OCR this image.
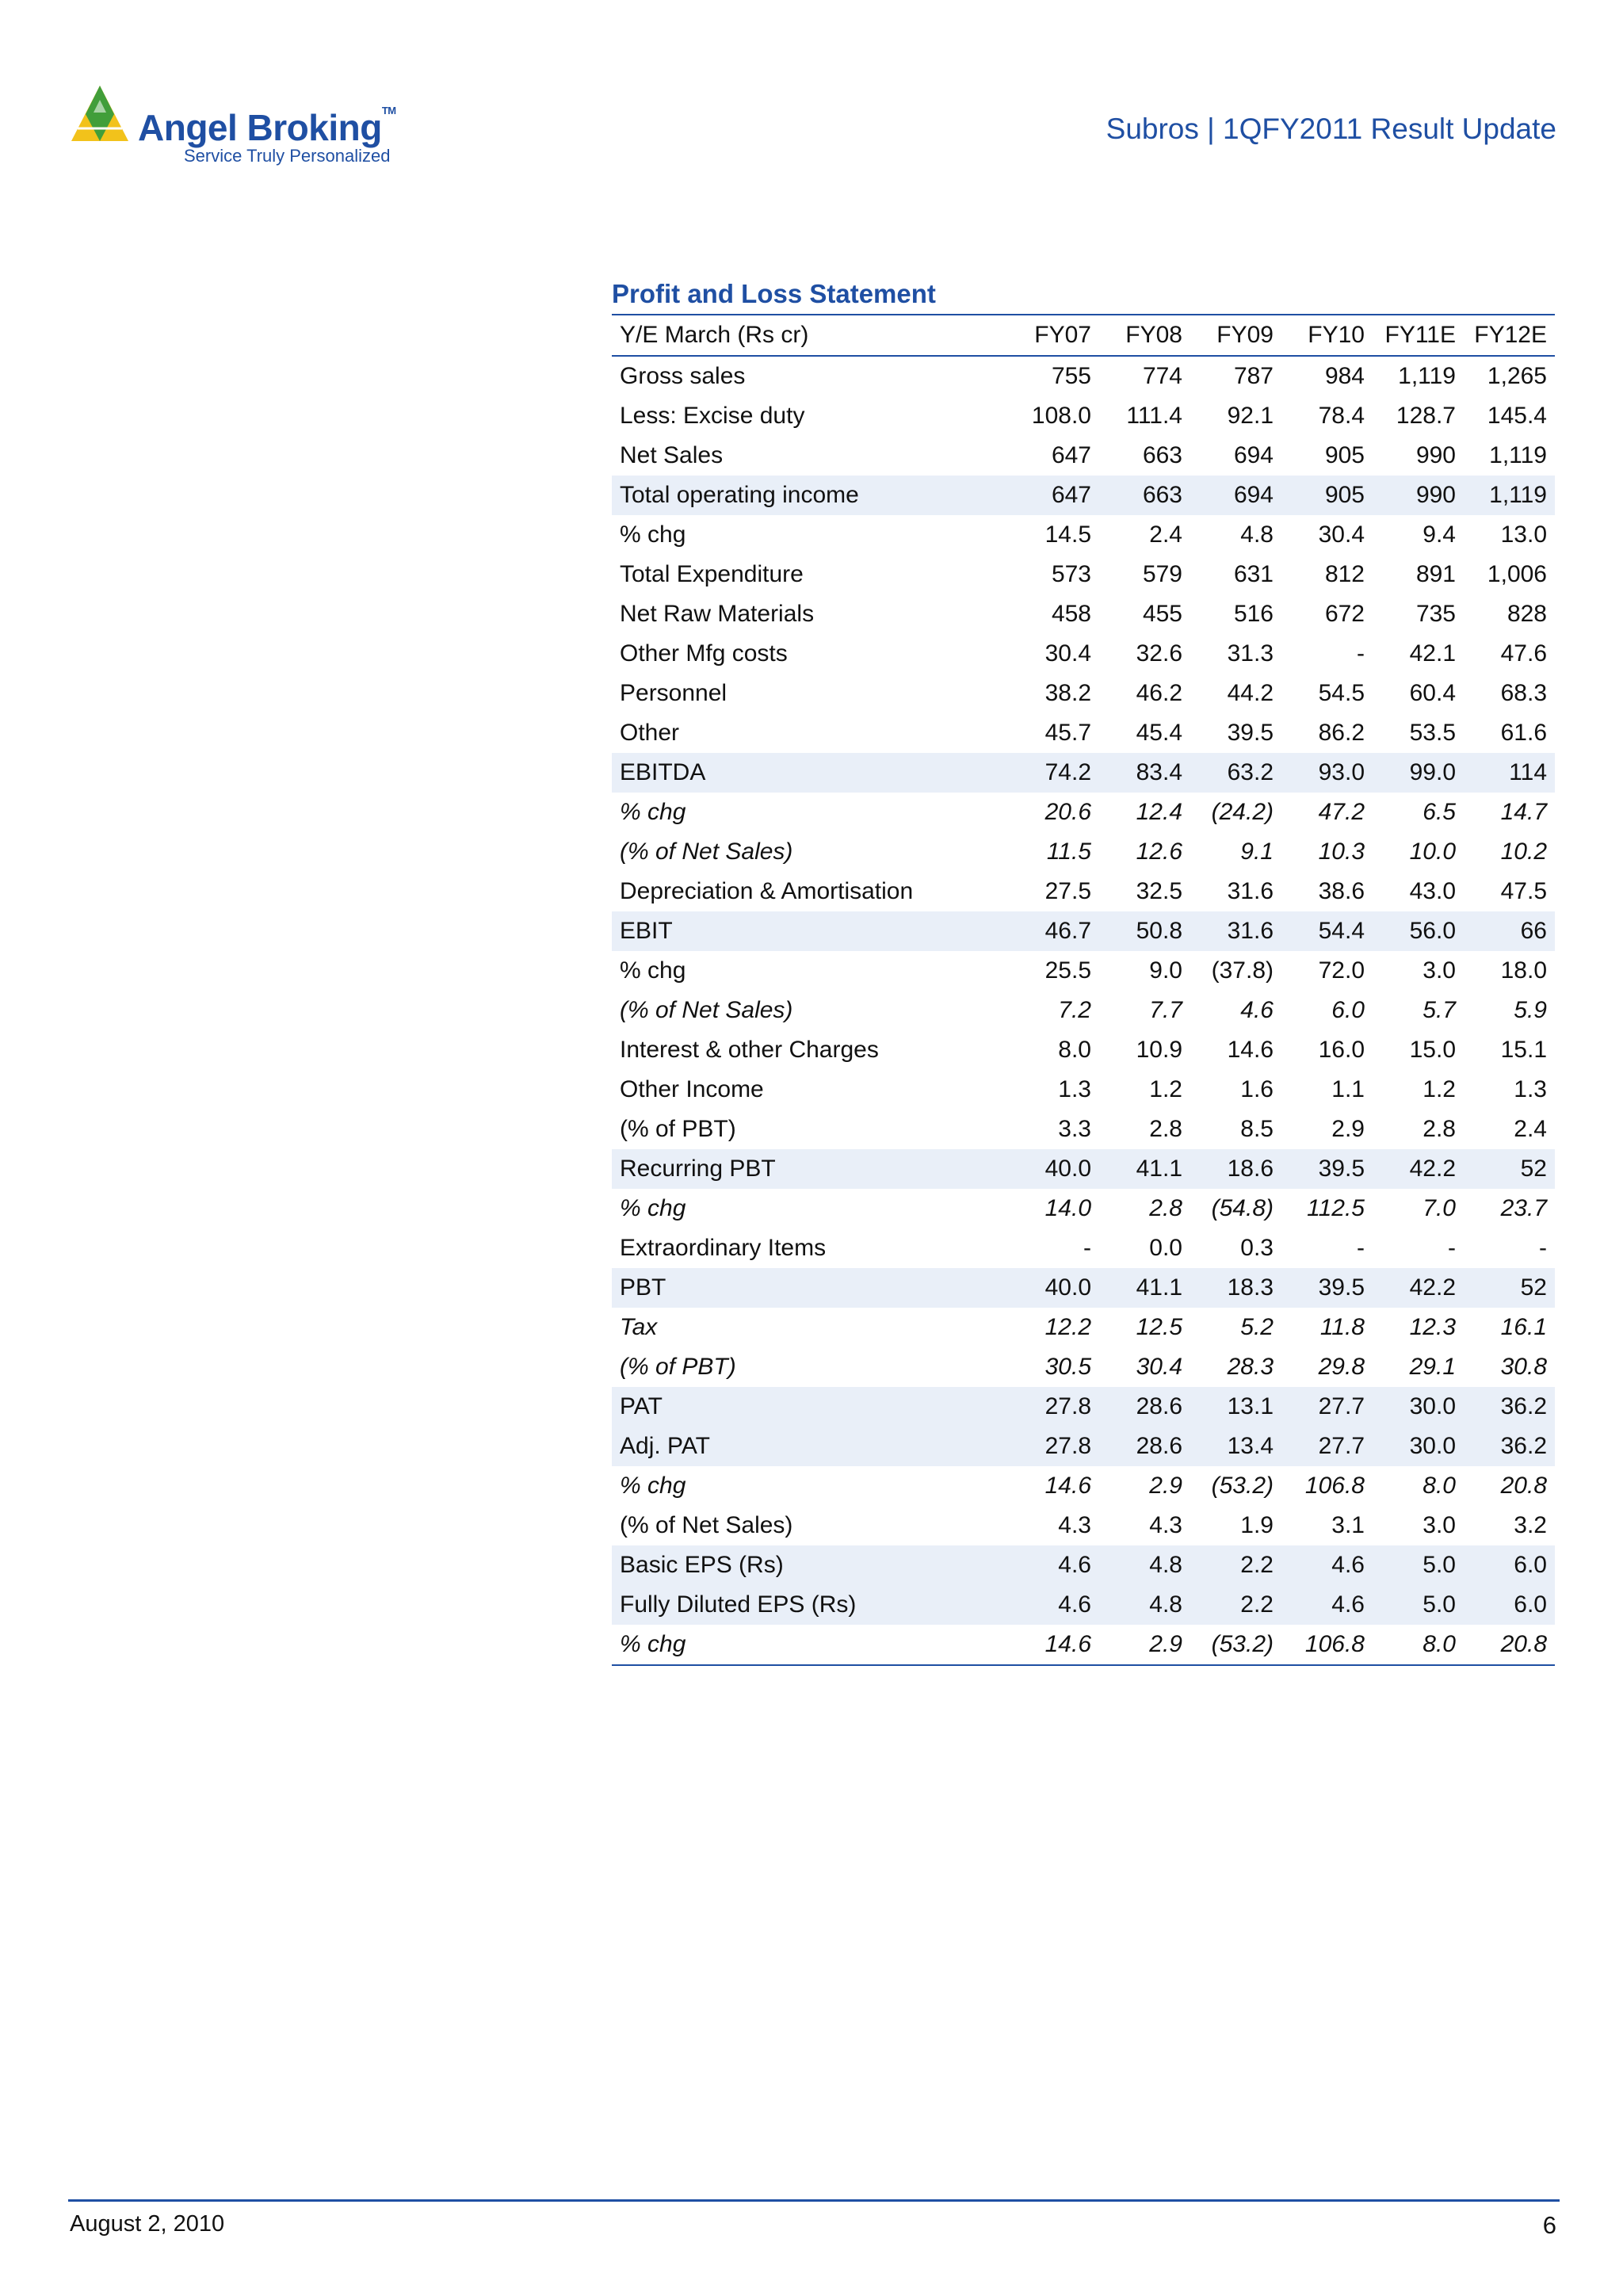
Angel Broking™
Service Truly Personalized
Subros | 1QFY2011 Result Update
Profit and Loss Statement
Y/E March (Rs cr)	FY07	FY08	FY09	FY10	FY11E	FY12E
Gross sales	755	774	787	984	1,119	1,265
Less: Excise duty	108.0	111.4	92.1	78.4	128.7	145.4
Net Sales	647	663	694	905	990	1,119
Total operating income	647	663	694	905	990	1,119
% chg	14.5	2.4	4.8	30.4	9.4	13.0
Total Expenditure	573	579	631	812	891	1,006
Net Raw Materials	458	455	516	672	735	828
Other Mfg costs	30.4	32.6	31.3	-	42.1	47.6
Personnel	38.2	46.2	44.2	54.5	60.4	68.3
Other	45.7	45.4	39.5	86.2	53.5	61.6
EBITDA	74.2	83.4	63.2	93.0	99.0	114
% chg	20.6	12.4	(24.2)	47.2	6.5	14.7
(% of Net Sales)	11.5	12.6	9.1	10.3	10.0	10.2
Depreciation & Amortisation	27.5	32.5	31.6	38.6	43.0	47.5
EBIT	46.7	50.8	31.6	54.4	56.0	66
% chg	25.5	9.0	(37.8)	72.0	3.0	18.0
(% of Net Sales)	7.2	7.7	4.6	6.0	5.7	5.9
Interest & other Charges	8.0	10.9	14.6	16.0	15.0	15.1
Other Income	1.3	1.2	1.6	1.1	1.2	1.3
(% of PBT)	3.3	2.8	8.5	2.9	2.8	2.4
Recurring PBT	40.0	41.1	18.6	39.5	42.2	52
% chg	14.0	2.8	(54.8)	112.5	7.0	23.7
Extraordinary Items	-	0.0	0.3	-	-	-
PBT	40.0	41.1	18.3	39.5	42.2	52
Tax	12.2	12.5	5.2	11.8	12.3	16.1
(% of PBT)	30.5	30.4	28.3	29.8	29.1	30.8
PAT	27.8	28.6	13.1	27.7	30.0	36.2
Adj. PAT	27.8	28.6	13.4	27.7	30.0	36.2
% chg	14.6	2.9	(53.2)	106.8	8.0	20.8
(% of Net Sales)	4.3	4.3	1.9	3.1	3.0	3.2
Basic EPS (Rs)	4.6	4.8	2.2	4.6	5.0	6.0
Fully Diluted EPS (Rs)	4.6	4.8	2.2	4.6	5.0	6.0
% chg	14.6	2.9	(53.2)	106.8	8.0	20.8
August 2, 2010	6
